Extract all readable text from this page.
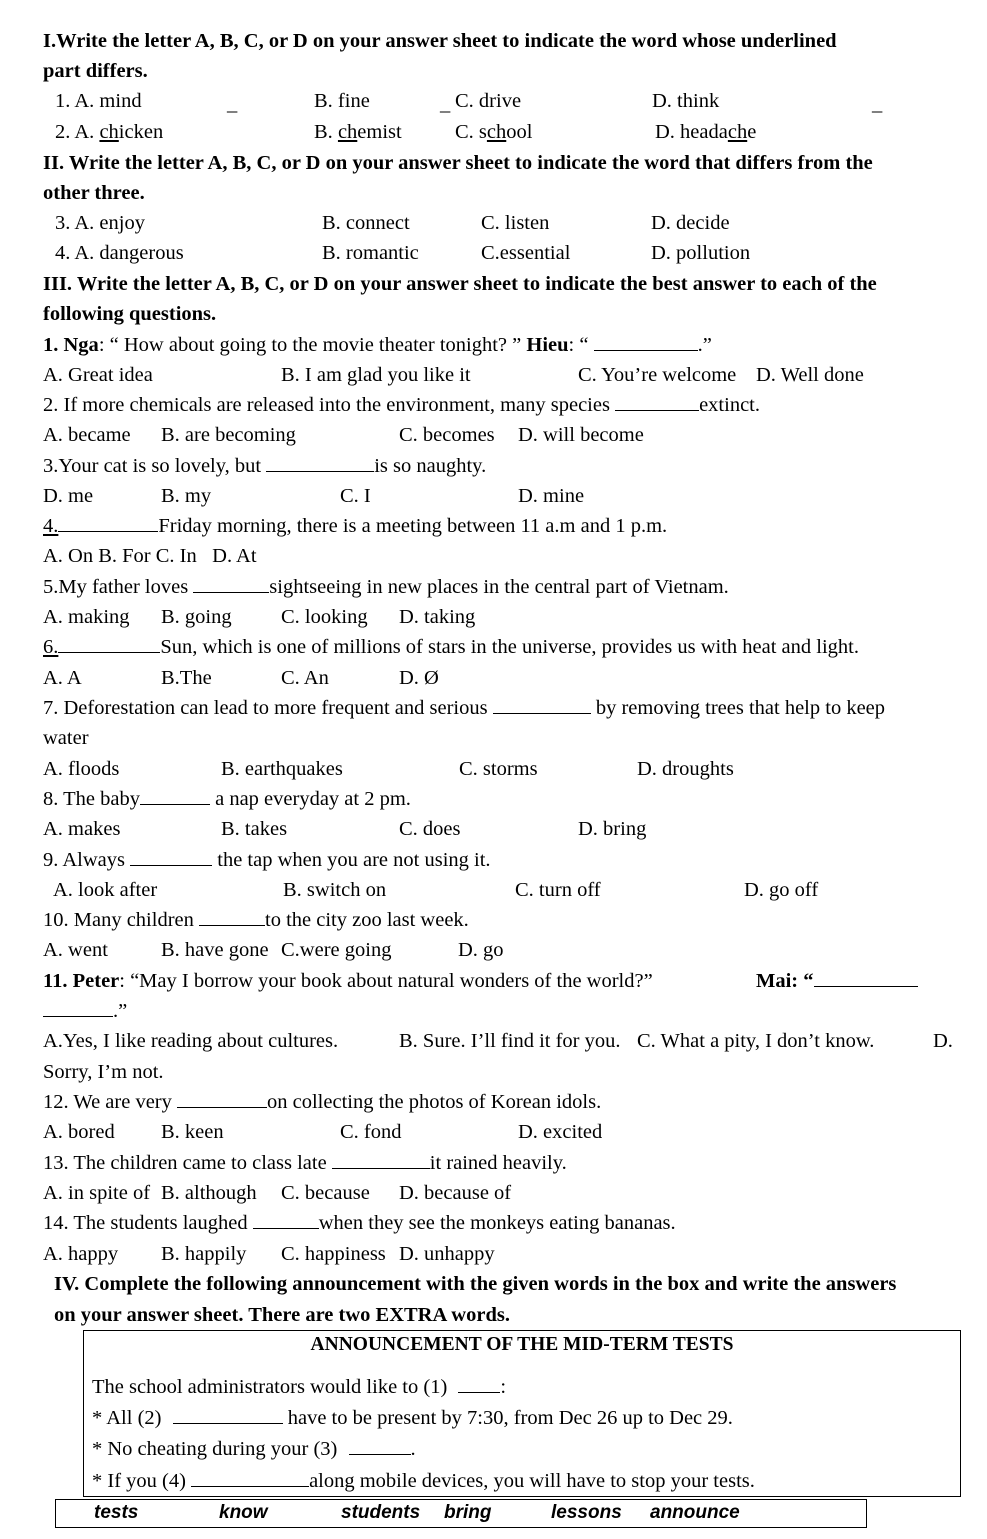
I.Write the letter A, B, C, or D on your answer sheet to indicate the word whose underlined
part differs.
1. A. mind	_	B. fine	_ C. drive	D. think	_
2. A. chicken	B. chemist	C. school	D. headache
II. Write the letter A, B, C, or D on your answer sheet to indicate the word that differs from the
other three.
3. A. enjoy	B. connect	C. listen	D. decide
4. A. dangerous	B. romantic	C.essential	D. pollution
III. Write the letter A, B, C, or D on your answer sheet to indicate the best answer to each of the
following questions.
1. Nga: “ How about going to the movie theater tonight? ” Hieu: “	.”
A. Great idea	B. I am glad you like it	C. You’re welcome D. Well done
2. If more chemicals are released into the environment, many species	extinct.
A. became B. are becoming	C. becomes D. will become
3.Your cat is so lovely, but	is so naughty.
D. me	B. my	C. I	D. mine
4.	Friday morning, there is a meeting between 11 a.m and 1 p.m.
A. On B. For C. In   D. At
5.My father loves	sightseeing in new places in the central part of Vietnam.
A. making B. going C. looking D. taking
6.	Sun, which is one of millions of stars in the universe, provides us with heat and light.
A. A	B.The	C. An	D. Ø
7. Deforestation can lead to more frequent and serious	by removing trees that help to keep
water
A. floods	B. earthquakes	C. storms	D. droughts
8. The baby	a nap everyday at 2 pm.
A. makes	B. takes	C. does	D. bring
9. Always	the tap when you are not using it.
A. look after	B. switch on	C. turn off	D. go off
10. Many children	to the city zoo last week.
A. went	B. have gone C.were going	D. go
11. Peter: “May I borrow your book about natural wonders of the world?”	Mai: “
.”
A.Yes, I like reading about cultures.	B. Sure. I’ll find it for you. C. What a pity, I don’t know.	D.
Sorry, I’m not.
12. We are very	on collecting the photos of Korean idols.
A. bored B. keen	C. fond	D. excited
13. The children came to class late	it rained heavily.
A. in spite of B. although C. because D. because of
14. The students laughed	when they see the monkeys eating bananas.
A. happy B. happily C. happiness D. unhappy
IV. Complete the following announcement with the given words in the box and write the answers
on your answer sheet. There are two EXTRA words.
ANNOUNCEMENT OF THE MID-TERM TESTS
The school administrators would like to (1) :
* All (2)	have to be present by 7:30, from Dec 26 up to Dec 29.
* No cheating during your (3)	.
* If you (4)	along mobile devices, you will have to stop your tests.
tests	know	students bring	lessons announce
